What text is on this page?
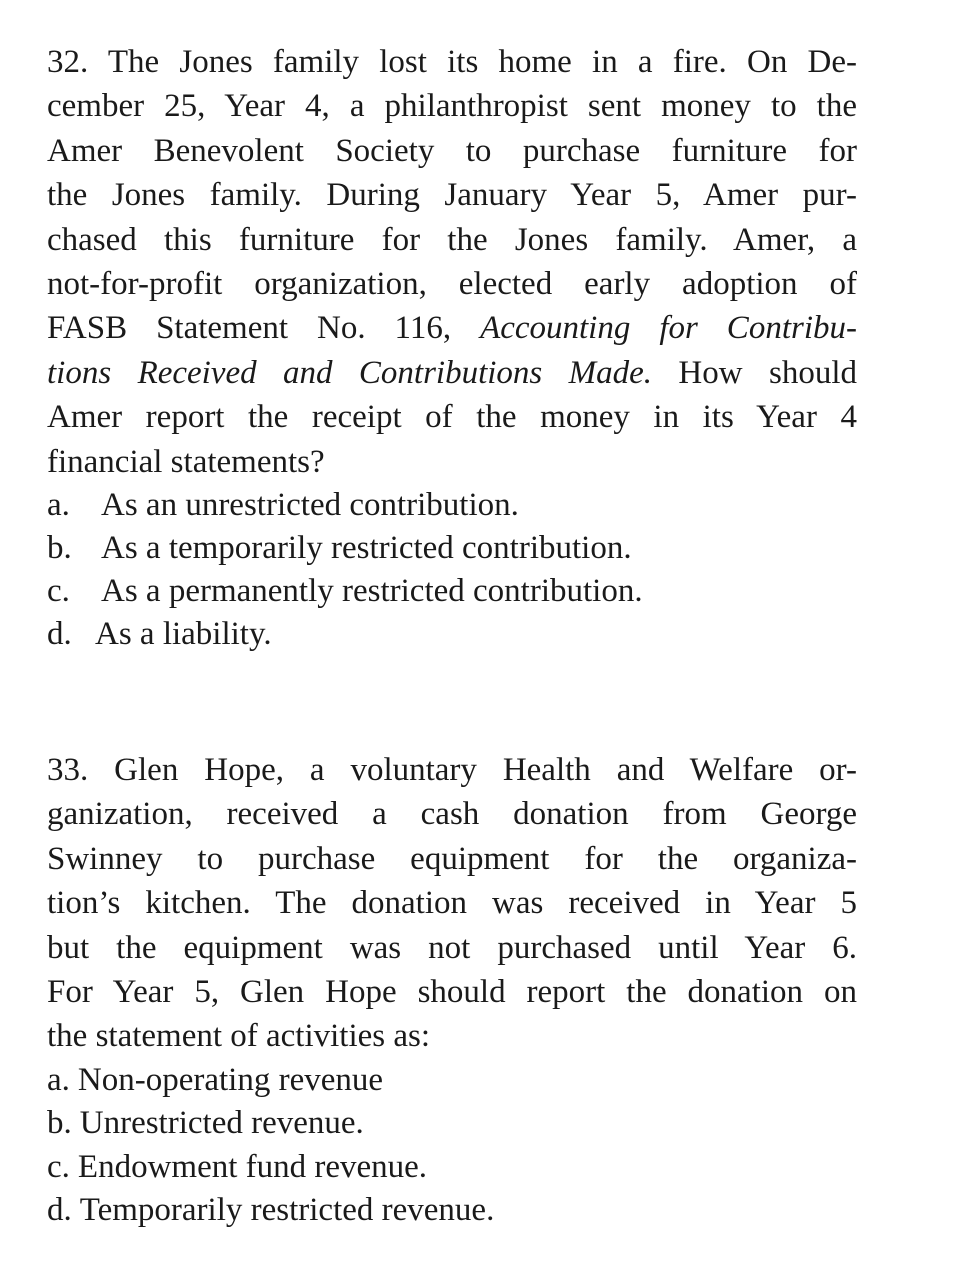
32. The Jones family lost its home in a fire. On De-
cember 25, Year 4, a philanthropist sent money to the
Amer Benevolent Society to purchase furniture for
the Jones family. During January Year 5, Amer pur-
chased this furniture for the Jones family. Amer, a
not-for-profit organization, elected early adoption of
FASB Statement No. 116, Accounting for Contribu-
tions Received and Contributions Made. How should
Amer report the receipt of the money in its Year 4
financial statements?

a. As an unrestricted contribution.
b. As a temporarily restricted contribution.
c. As a permanently restricted contribution.
d. As a liability.

33. Glen Hope, a voluntary Health and Welfare or-
ganization, received a cash donation from George
Swinney to purchase equipment for the organiza-
tion’s kitchen. The donation was received in Year 5
but the equipment was not purchased until Year 6.
For Year 5, Glen Hope should report the donation on
the statement of activities as:

a. Non-operating revenue
b. Unrestricted revenue.
c. Endowment fund revenue.
d. Temporarily restricted revenue.
